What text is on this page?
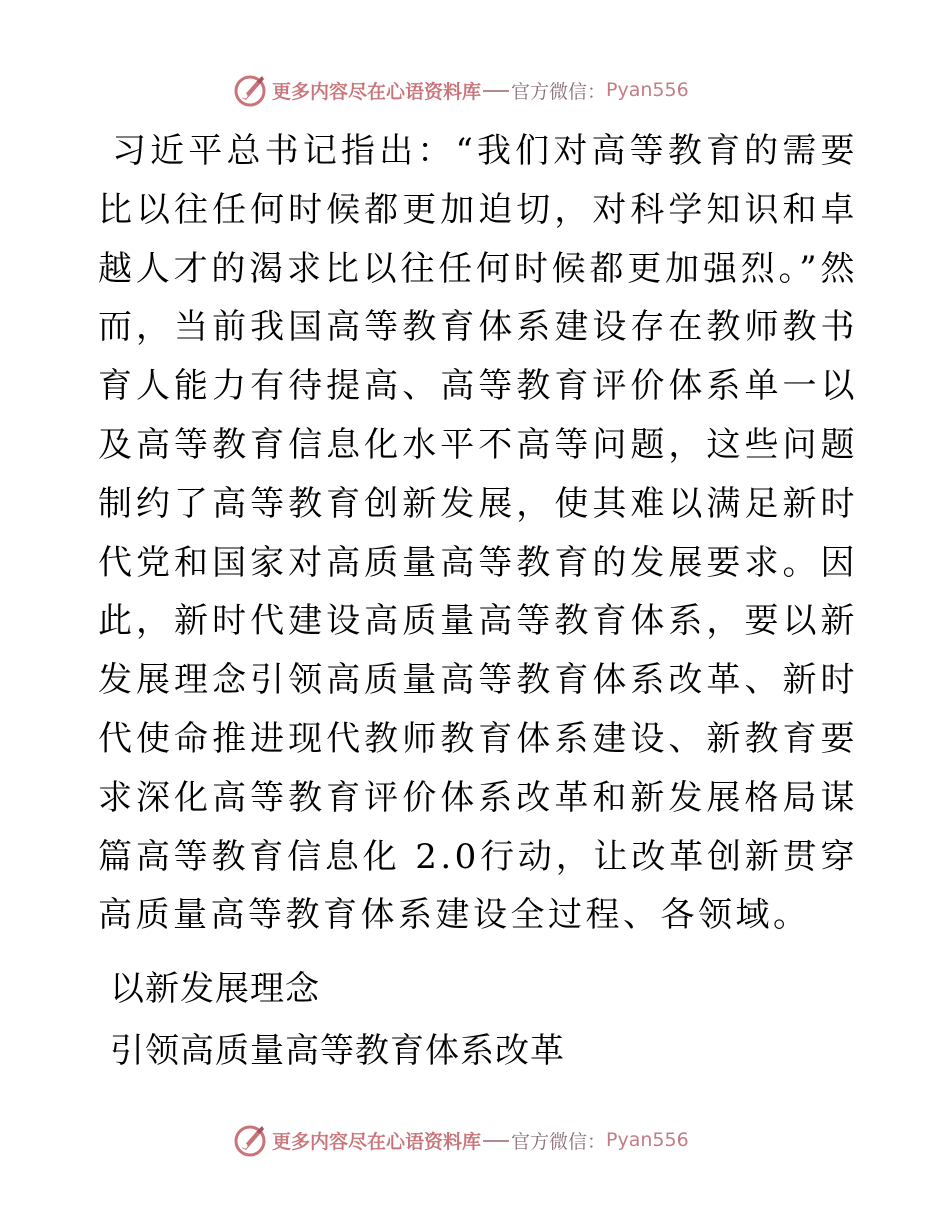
更多内容尽在心语资料库 官方微信： Pyan556

习近平总书记指出：“我们对高等教育的需要比以往任何时候都更加迫切，对科学知识和卓越人才的渴求比以往任何时候都更加强烈。”然而，当前我国高等教育体系建设存在教师教书育人能力有待提高、高等教育评价体系单一以及高等教育信息化水平不高等问题，这些问题制约了高等教育创新发展，使其难以满足新时代党和国家对高质量高等教育的发展要求。因此，新时代建设高质量高等教育体系，要以新发展理念引领高质量高等教育体系改革、新时代使命推进现代教师教育体系建设、新教育要求深化高等教育评价体系改革和新发展格局谋篇高等教育信息化 2.0行动，让改革创新贯穿高质量高等教育体系建设全过程、各领域。

以新发展理念

引领高质量高等教育体系改革

更多内容尽在心语资料库 官方微信： Pyan556
